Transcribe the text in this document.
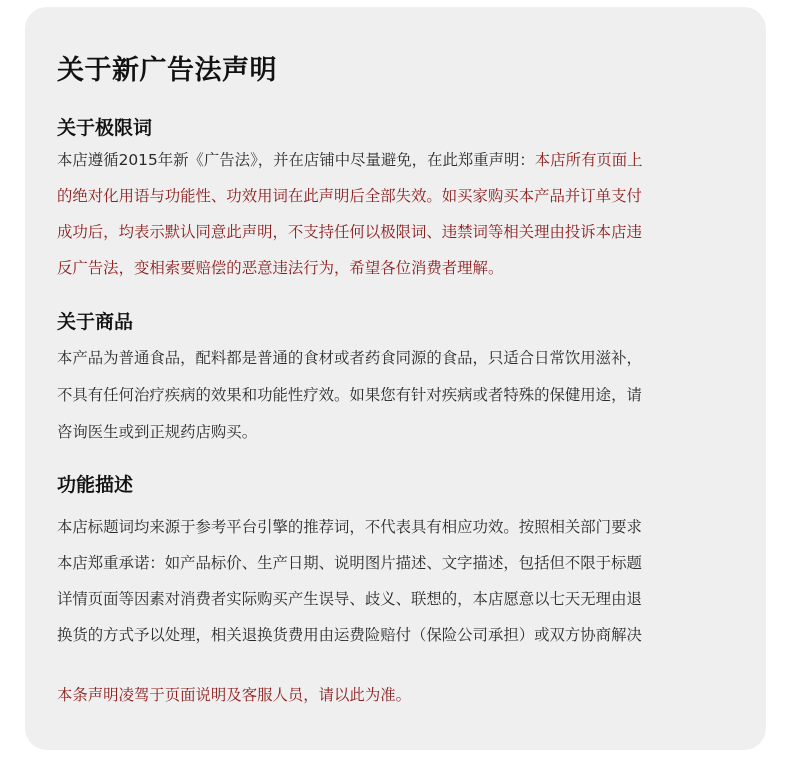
关于新广告法声明
关于极限词
本店遵循2015年新《广告法》，并在店铺中尽量避免，在此郑重声明：本店所有页面上
的绝对化用语与功能性、功效用词在此声明后全部失效。如买家购买本产品并订单支付
成功后，均表示默认同意此声明，不支持任何以极限词、违禁词等相关理由投诉本店违
反广告法，变相索要赔偿的恶意违法行为，希望各位消费者理解。
关于商品
本产品为普通食品，配料都是普通的食材或者药食同源的食品，只适合日常饮用滋补，
不具有任何治疗疾病的效果和功能性疗效。如果您有针对疾病或者特殊的保健用途，请
咨询医生或到正规药店购买。
功能描述
本店标题词均来源于参考平台引擎的推荐词，不代表具有相应功效。按照相关部门要求
本店郑重承诺：如产品标价、生产日期、说明图片描述、文字描述，包括但不限于标题
详情页面等因素对消费者实际购买产生误导、歧义、联想的，本店愿意以七天无理由退
换货的方式予以处理，相关退换货费用由运费险赔付（保险公司承担）或双方协商解决
本条声明凌驾于页面说明及客服人员，请以此为准。
